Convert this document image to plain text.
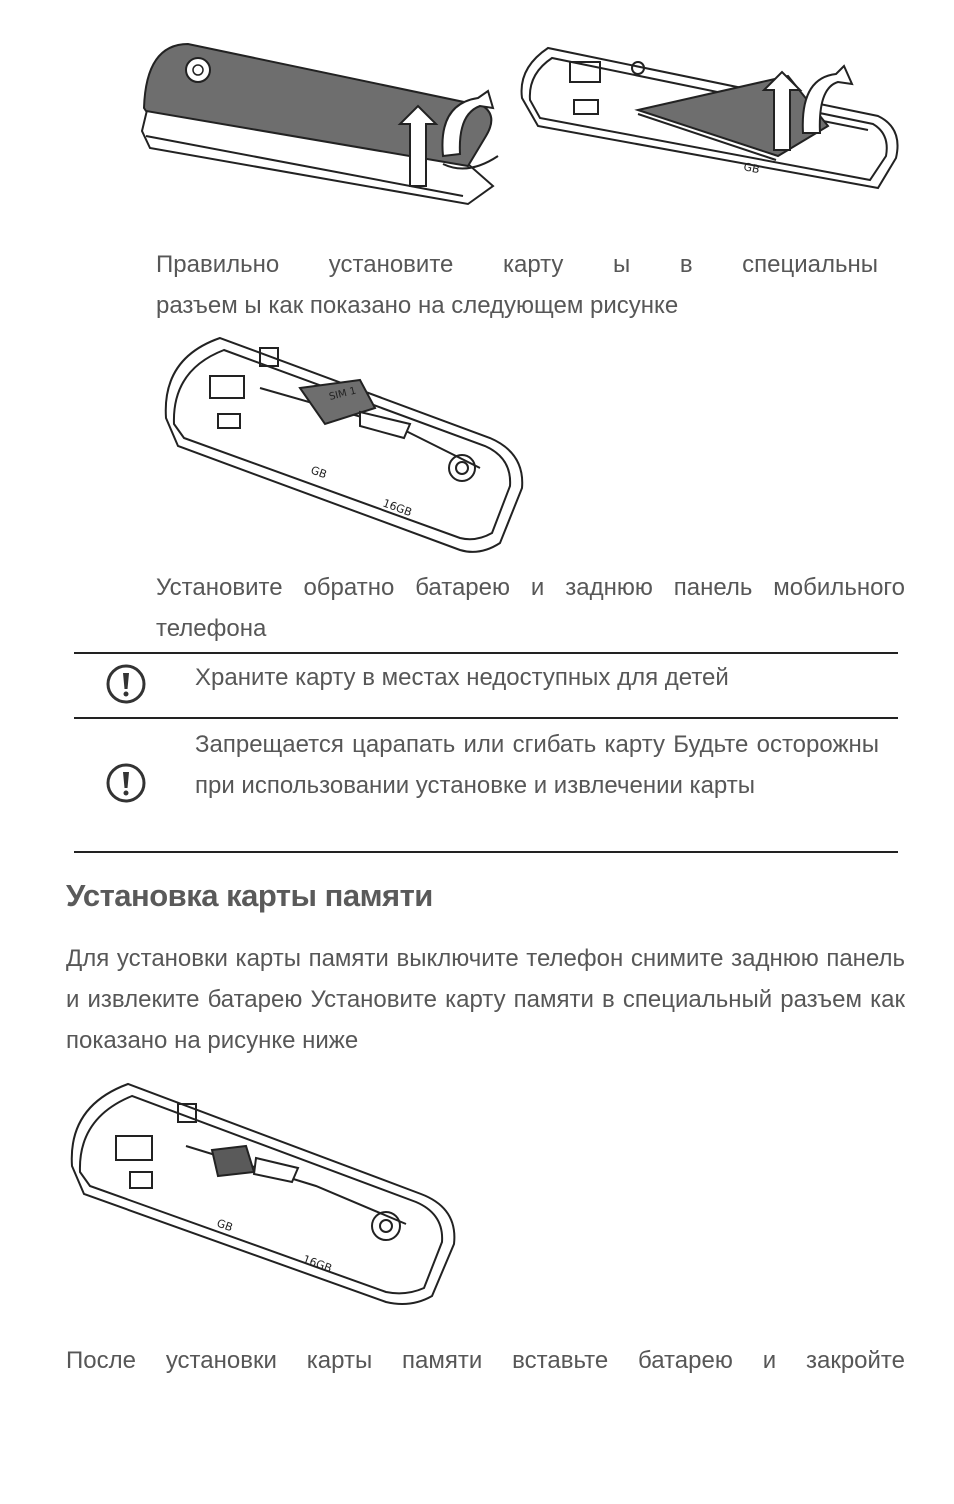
GB
Правильно установите карту ы в специальны
разъем ы как показано на следующем рисунке
SIM 1
GB
16GB
Установите обратно батарею и заднюю панель мобильного телефона
Храните карту в местах недоступных для детей
Запрещается царапать или сгибать карту Будьте осторожны при использовании установке и извлечении карты
Установка карты памяти
Для установки карты памяти выключите телефон снимите заднюю панель и извлеките батарею Установите карту памяти в специальный разъем как показано на рисунке ниже
GB
16GB
После установки карты памяти вставьте батарею и закройте
